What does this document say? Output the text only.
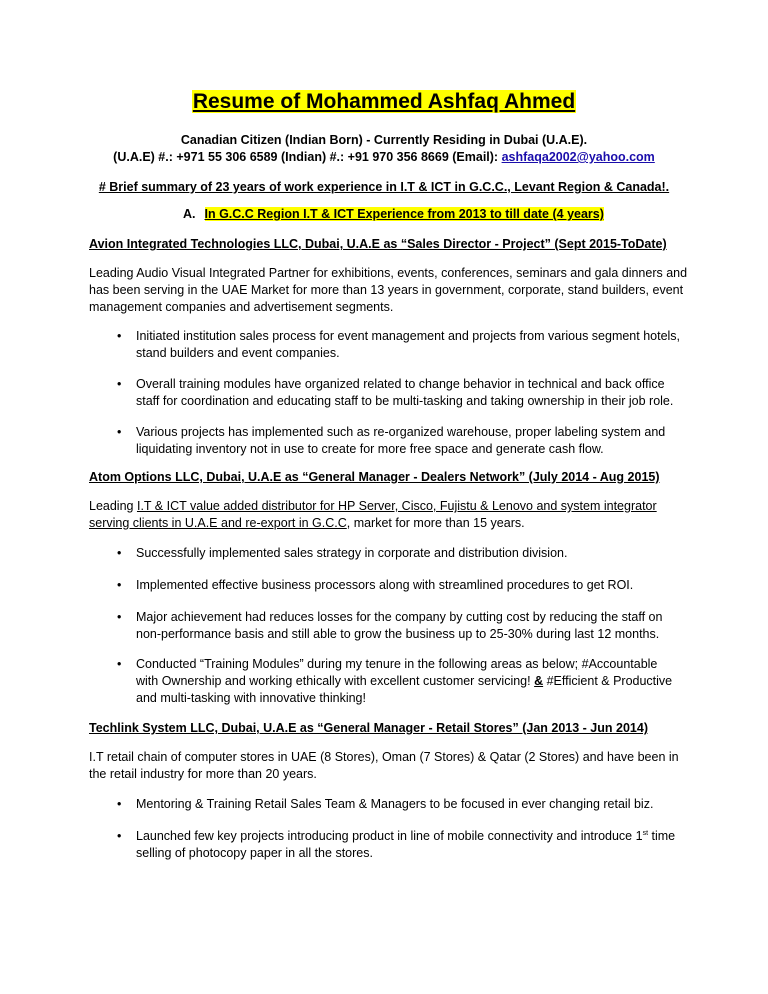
Resume of Mohammed Ashfaq Ahmed
Canadian Citizen (Indian Born) - Currently Residing in Dubai (U.A.E).
(U.A.E) #.: +971 55 306 6589 (Indian) #.: +91 970 356 8669 (Email): ashfaqa2002@yahoo.com
# Brief summary of 23 years of work experience in I.T & ICT in G.C.C., Levant Region & Canada!.
A. In G.C.C Region I.T & ICT Experience from 2013 to till date (4 years)
Avion Integrated Technologies LLC, Dubai, U.A.E as “Sales Director - Project” (Sept 2015-ToDate)
Leading Audio Visual Integrated Partner for exhibitions, events, conferences, seminars and gala dinners and has been serving in the UAE Market for more than 13 years in government, corporate, stand builders, event management companies and advertisement segments.
• Initiated institution sales process for event management and projects from various segment hotels, stand builders and event companies.
• Overall training modules have organized related to change behavior in technical and back office staff for coordination and educating staff to be multi-tasking and taking ownership in their job role.
• Various projects has implemented such as re-organized warehouse, proper labeling system and liquidating inventory not in use to create for more free space and generate cash flow.
Atom Options LLC, Dubai, U.A.E as “General Manager - Dealers Network” (July 2014 - Aug 2015)
Leading I.T & ICT value added distributor for HP Server, Cisco, Fujistu & Lenovo and system integrator serving clients in U.A.E and re-export in G.C.C, market for more than 15 years.
• Successfully implemented sales strategy in corporate and distribution division.
• Implemented effective business processors along with streamlined procedures to get ROI.
• Major achievement had reduces losses for the company by cutting cost by reducing the staff on non-performance basis and still able to grow the business up to 25-30% during last 12 months.
• Conducted “Training Modules” during my tenure in the following areas as below; #Accountable with Ownership and working ethically with excellent customer servicing! & #Efficient & Productive and multi-tasking with innovative thinking!
Techlink System LLC, Dubai, U.A.E as “General Manager - Retail Stores” (Jan 2013 - Jun 2014)
I.T retail chain of computer stores in UAE (8 Stores), Oman (7 Stores) & Qatar (2 Stores) and have been in the retail industry for more than 20 years.
• Mentoring & Training Retail Sales Team & Managers to be focused in ever changing retail biz.
• Launched few key projects introducing product in line of mobile connectivity and introduce 1st time selling of photocopy paper in all the stores.
